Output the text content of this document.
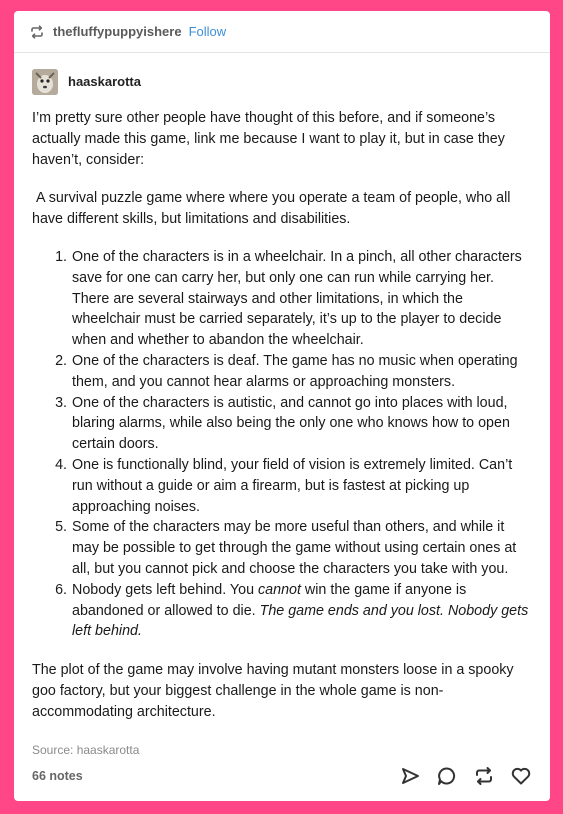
thefluffypuppyishere Follow
haaskarotta

I’m pretty sure other people have thought of this before, and if someone’s actually made this game, link me because I want to play it, but in case they haven’t, consider:

A survival puzzle game where where you operate a team of people, who all have different skills, but limitations and disabilities.

1. One of the characters is in a wheelchair. In a pinch, all other characters save for one can carry her, but only one can run while carrying her. There are several stairways and other limitations, in which the wheelchair must be carried separately, it’s up to the player to decide when and whether to abandon the wheelchair.
2. One of the characters is deaf. The game has no music when operating them, and you cannot hear alarms or approaching monsters.
3. One of the characters is autistic, and cannot go into places with loud, blaring alarms, while also being the only one who knows how to open certain doors.
4. One is functionally blind, your field of vision is extremely limited. Can’t run without a guide or aim a firearm, but is fastest at picking up approaching noises.
5. Some of the characters may be more useful than others, and while it may be possible to get through the game without using certain ones at all, but you cannot pick and choose the characters you take with you.
6. Nobody gets left behind. You cannot win the game if anyone is abandoned or allowed to die. The game ends and you lost. Nobody gets left behind.

The plot of the game may involve having mutant monsters loose in a spooky goo factory, but your biggest challenge in the whole game is non-accommodating architecture.

Source: haaskarotta
66 notes
